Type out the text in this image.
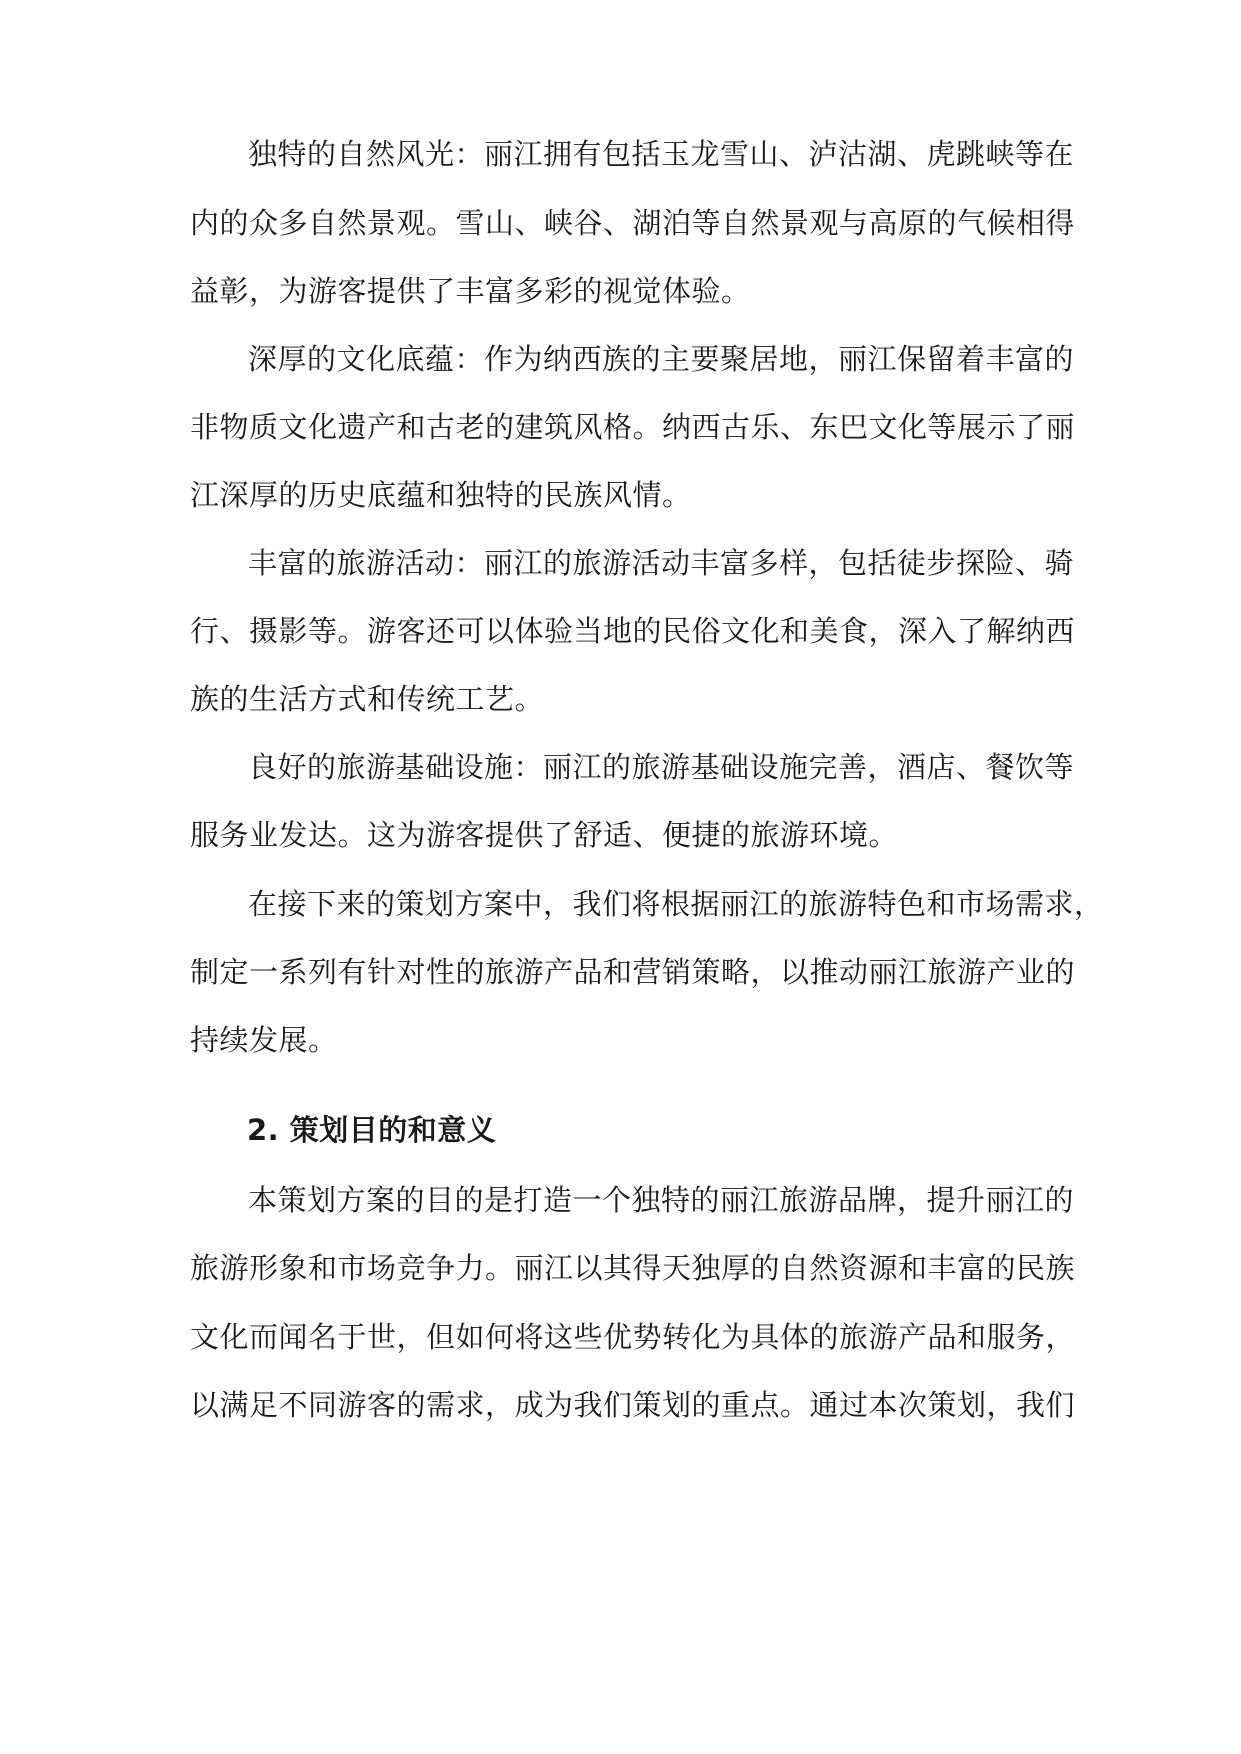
独特的自然风光：丽江拥有包括玉龙雪山、泸沽湖、虎跳峡等在
内的众多自然景观。雪山、峡谷、湖泊等自然景观与高原的气候相得
益彰，为游客提供了丰富多彩的视觉体验。
深厚的文化底蕴：作为纳西族的主要聚居地，丽江保留着丰富的
非物质文化遗产和古老的建筑风格。纳西古乐、东巴文化等展示了丽
江深厚的历史底蕴和独特的民族风情。
丰富的旅游活动：丽江的旅游活动丰富多样，包括徒步探险、骑
行、摄影等。游客还可以体验当地的民俗文化和美食，深入了解纳西
族的生活方式和传统工艺。
良好的旅游基础设施：丽江的旅游基础设施完善，酒店、餐饮等
服务业发达。这为游客提供了舒适、便捷的旅游环境。
在接下来的策划方案中，我们将根据丽江的旅游特色和市场需求，
制定一系列有针对性的旅游产品和营销策略，以推动丽江旅游产业的
持续发展。
2. 策划目的和意义
本策划方案的目的是打造一个独特的丽江旅游品牌，提升丽江的
旅游形象和市场竞争力。丽江以其得天独厚的自然资源和丰富的民族
文化而闻名于世，但如何将这些优势转化为具体的旅游产品和服务，
以满足不同游客的需求，成为我们策划的重点。通过本次策划，我们
